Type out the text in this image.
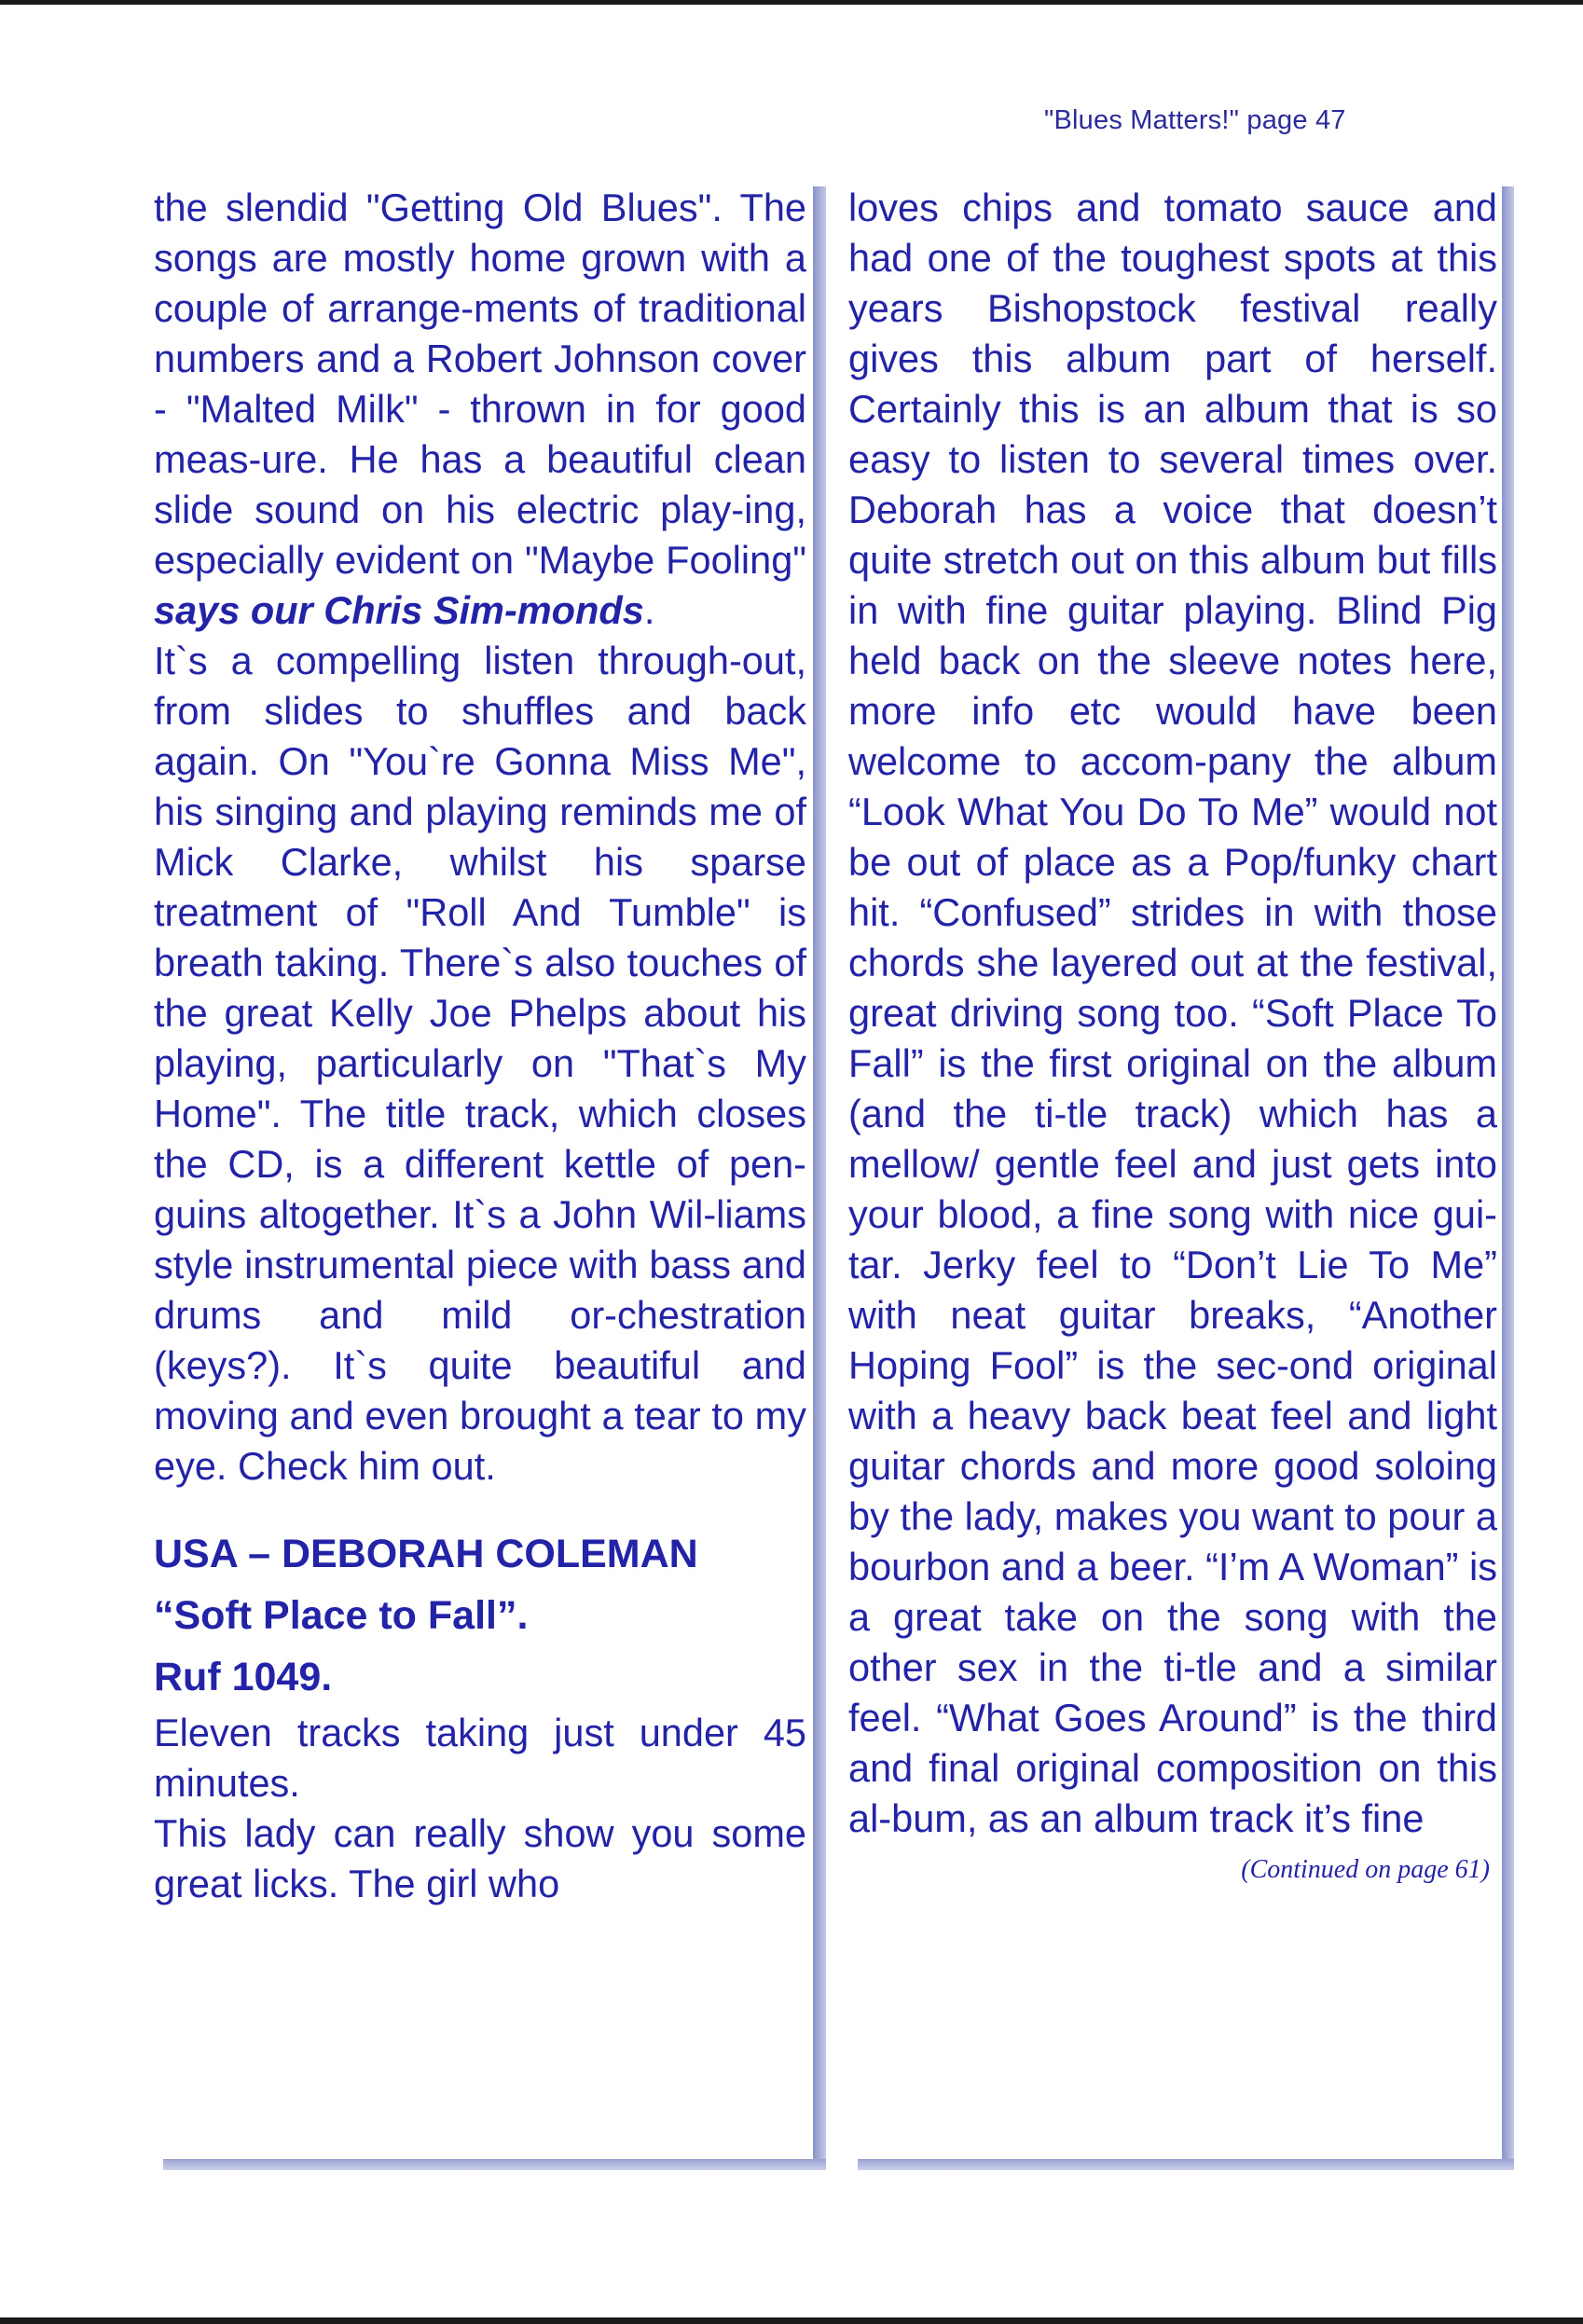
"Blues Matters!" page 47

the slendid "Getting Old Blues". The songs are mostly home grown with a couple of arrange-ments of traditional numbers and a Robert Johnson cover - "Malted Milk" - thrown in for good meas-ure. He has a beautiful clean slide sound on his electric play-ing, especially evident on "Maybe Fooling" says our Chris Sim-monds.

It`s a compelling listen through-out, from slides to shuffles and back again. On "You`re Gonna Miss Me", his singing and playing reminds me of Mick Clarke, whilst his sparse treatment of "Roll And Tumble" is breath taking. There`s also touches of the great Kelly Joe Phelps about his playing, particularly on "That`s My Home". The title track, which closes the CD, is a different kettle of pen-guins altogether. It`s a John Wil-liams style instrumental piece with bass and drums and mild or-chestration (keys?). It`s quite beautiful and moving and even brought a tear to my eye. Check him out.

USA – DEBORAH COLEMAN
“Soft Place to Fall”.
Ruf 1049.

Eleven tracks taking just under 45 minutes.

This lady can really show you some great licks. The girl who

loves chips and tomato sauce and had one of the toughest spots at this years Bishopstock festival really gives this album part of herself. Certainly this is an album that is so easy to listen to several times over. Deborah has a voice that doesn’t quite stretch out on this album but fills in with fine guitar playing. Blind Pig held back on the sleeve notes here, more info etc would have been welcome to accom-pany the album “Look What You Do To Me” would not be out of place as a Pop/funky chart hit. “Confused” strides in with those chords she layered out at the festival, great driving song too. “Soft Place To Fall” is the first original on the album (and the ti-tle track) which has a mellow/ gentle feel and just gets into your blood, a fine song with nice gui-tar. Jerky feel to “Don’t Lie To Me” with neat guitar breaks, “Another Hoping Fool” is the sec-ond original with a heavy back beat feel and light guitar chords and more good soloing by the lady, makes you want to pour a bourbon and a beer. “I’m A Woman” is a great take on the song with the other sex in the ti-tle and a similar feel. “What Goes Around” is the third and final original composition on this al-bum, as an album track it’s fine

(Continued on page 61)
